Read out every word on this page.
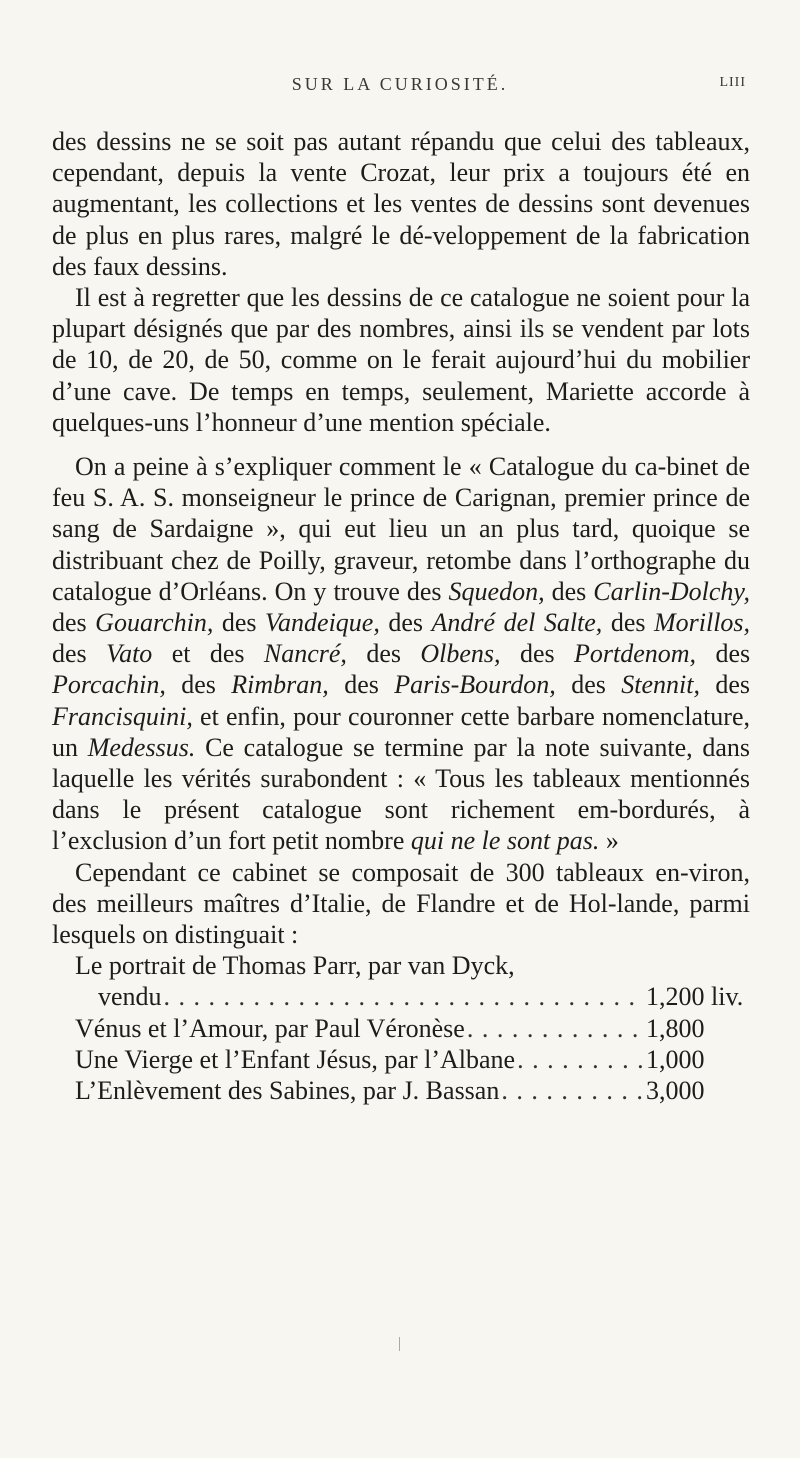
SUR LA CURIOSITÉ.	LIII

des dessins ne se soit pas autant répandu que celui des tableaux, cependant, depuis la vente Crozat, leur prix a toujours été en augmentant, les collections et les ventes de dessins sont devenues de plus en plus rares, malgré le dé-veloppement de la fabrication des faux dessins.

Il est à regretter que les dessins de ce catalogue ne soient pour la plupart désignés que par des nombres, ainsi ils se vendent par lots de 10, de 20, de 50, comme on le ferait aujourd’hui du mobilier d’une cave. De temps en temps, seulement, Mariette accorde à quelques-uns l’honneur d’une mention spéciale.

On a peine à s’expliquer comment le « Catalogue du ca-binet de feu S. A. S. monseigneur le prince de Carignan, premier prince de sang de Sardaigne », qui eut lieu un an plus tard, quoique se distribuant chez de Poilly, graveur, retombe dans l’orthographe du catalogue d’Orléans. On y trouve des Squedon, des Carlin-Dolchy, des Gouarchin, des Vandeique, des André del Salte, des Morillos, des Vato et des Nancré, des Olbens, des Portdenom, des Porcachin, des Rimbran, des Paris-Bourdon, des Stennit, des Francisquini, et enfin, pour couronner cette barbare nomenclature, un Medessus. Ce catalogue se termine par la note suivante, dans laquelle les vérités surabondent : « Tous les tableaux mentionnés dans le présent catalogue sont richement em-bordurés, à l’exclusion d’un fort petit nombre qui ne le sont pas. »

Cependant ce cabinet se composait de 300 tableaux en-viron, des meilleurs maîtres d’Italie, de Flandre et de Hol-lande, parmi lesquels on distinguait :

Le portrait de Thomas Parr, par van Dyck,
vendu . . .	1,200 liv.
Vénus et l’Amour, par Paul Véronèse . . .	1,800
Une Vierge et l’Enfant Jésus, par l’Albane . . .	1,000
L’Enlèvement des Sabines, par J. Bassan . . .	3,000
